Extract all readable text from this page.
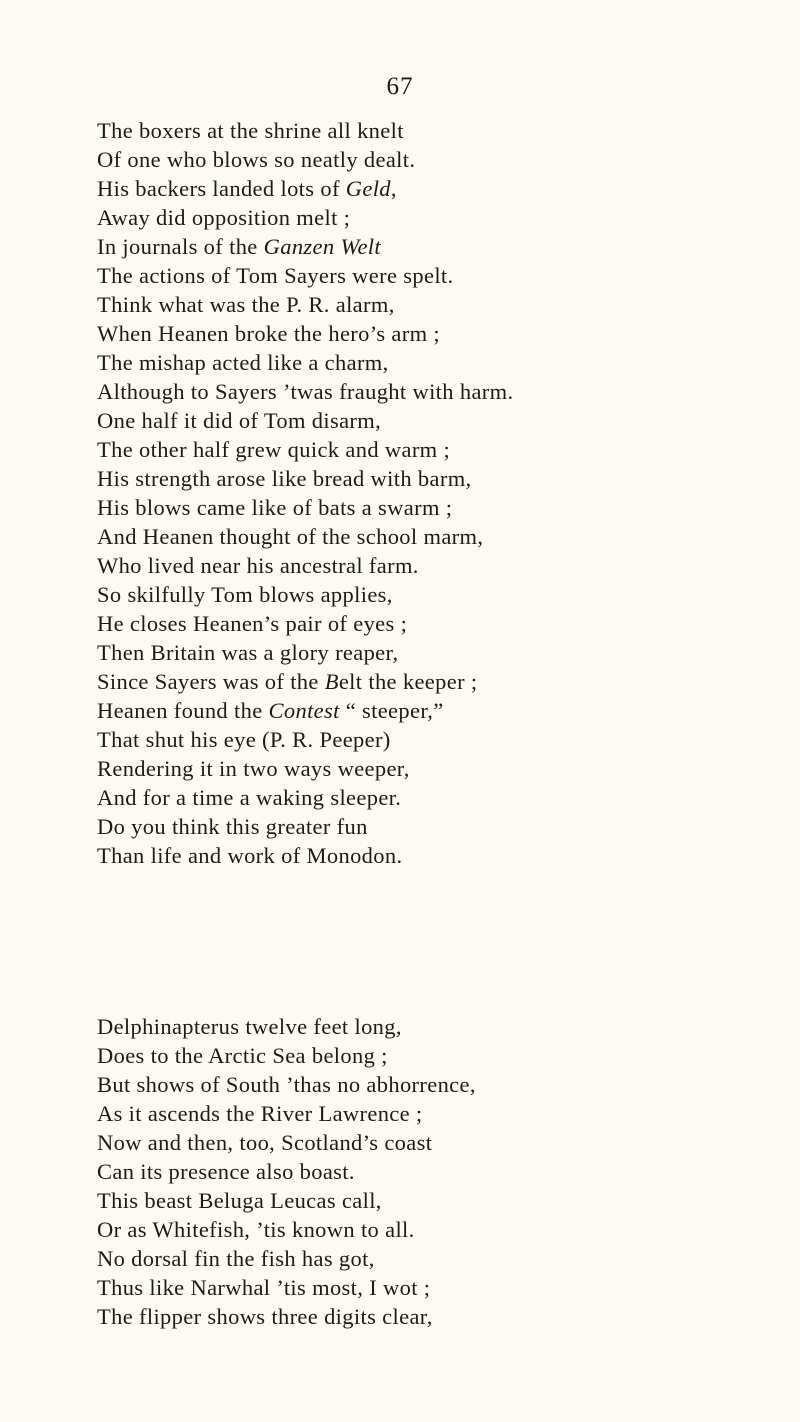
67
The boxers at the shrine all knelt
Of one who blows so neatly dealt.
His backers landed lots of Geld,
Away did opposition melt ;
In journals of the Ganzen Welt
The actions of Tom Sayers were spelt.
Think what was the P. R. alarm,
When Heanen broke the hero’s arm ;
The mishap acted like a charm,
Although to Sayers ’twas fraught with harm.
One half it did of Tom disarm,
The other half grew quick and warm ;
His strength arose like bread with barm,
His blows came like of bats a swarm ;
And Heanen thought of the school marm,
Who lived near his ancestral farm.
So skilfully Tom blows applies,
He closes Heanen’s pair of eyes ;
Then Britain was a glory reaper,
Since Sayers was of the Belt the keeper ;
Heanen found the Contest “ steeper,”
That shut his eye (P. R. Peeper)
Rendering it in two ways weeper,
And for a time a waking sleeper.
Do you think this greater fun
Than life and work of Monodon.
Delphinapterus twelve feet long,
Does to the Arctic Sea belong ;
But shows of South ’thas no abhorrence,
As it ascends the River Lawrence ;
Now and then, too, Scotland’s coast
Can its presence also boast.
This beast Beluga Leucas call,
Or as Whitefish, ’tis known to all.
No dorsal fin the fish has got,
Thus like Narwhal ’tis most, I wot ;
The flipper shows three digits clear,
